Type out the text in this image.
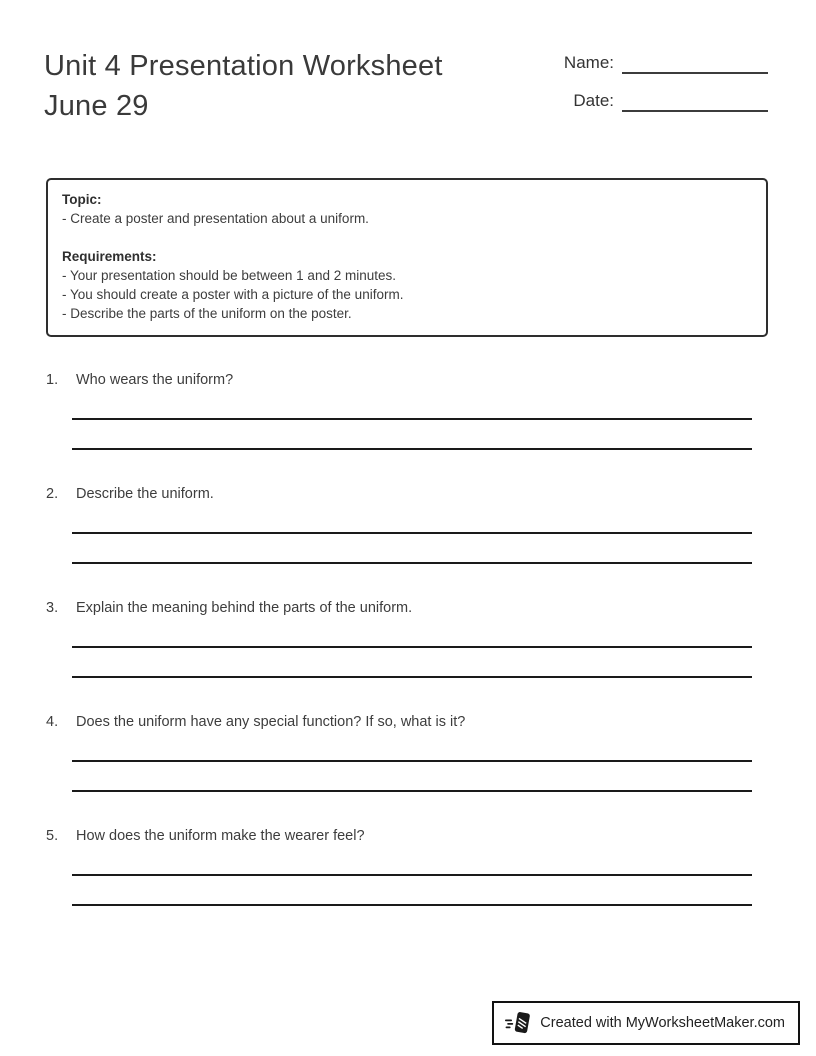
Unit 4 Presentation Worksheet
June 29
Name:
Date:
Topic:
- Create a poster and presentation about a uniform.
Requirements:
- Your presentation should be between 1 and 2 minutes.
- You should create a poster with a picture of the uniform.
- Describe the parts of the uniform on the poster.
1.	Who wears the uniform?
2.	Describe the uniform.
3.	Explain the meaning behind the parts of the uniform.
4.	Does the uniform have any special function? If so, what is it?
5.	How does the uniform make the wearer feel?
Created with MyWorksheetMaker.com
